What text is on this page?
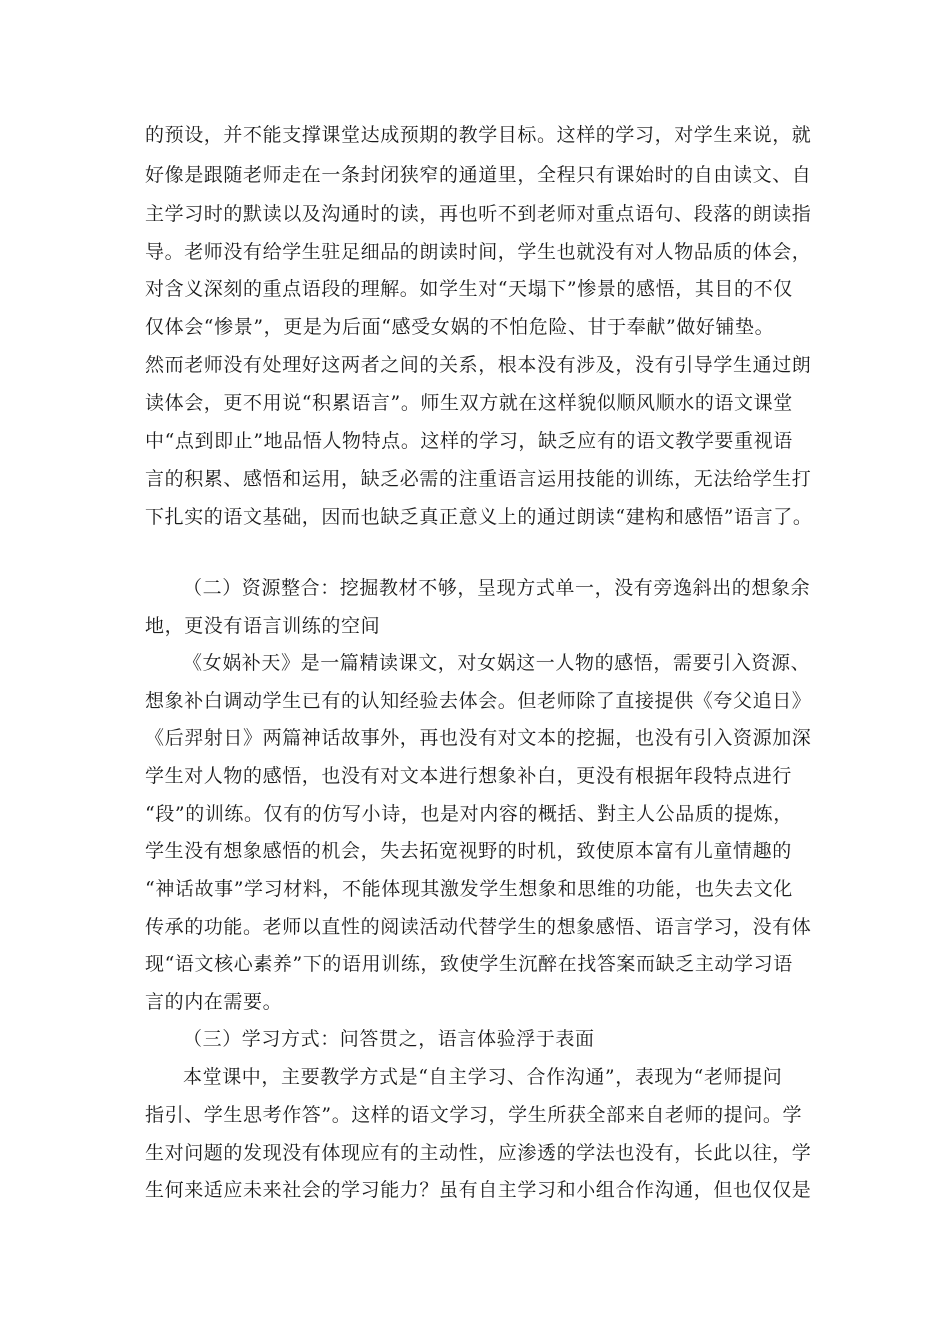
的预设，并不能支撑课堂达成预期的教学目标。这样的学习，对学生来说，就
好像是跟随老师走在一条封闭狭窄的通道里，全程只有课始时的自由读文、自
主学习时的默读以及沟通时的读，再也听不到老师对重点语句、段落的朗读指
导。老师没有给学生驻足细品的朗读时间，学生也就没有对人物品质的体会，
对含义深刻的重点语段的理解。如学生对“天塌下”惨景的感悟，其目的不仅
仅体会“惨景”，更是为后面“感受女娲的不怕危险、甘于奉献”做好铺垫。
然而老师没有处理好这两者之间的关系，根本没有涉及，没有引导学生通过朗
读体会，更不用说“积累语言”。师生双方就在这样貌似顺风顺水的语文课堂
中“点到即止”地品悟人物特点。这样的学习，缺乏应有的语文教学要重视语
言的积累、感悟和运用，缺乏必需的注重语言运用技能的训练，无法给学生打
下扎实的语文基础，因而也缺乏真正意义上的通过朗读“建构和感悟”语言了。
（二）资源整合：挖掘教材不够，呈现方式单一，没有旁逸斜出的想象余
地，更没有语言训练的空间
《女娲补天》是一篇精读课文，对女娲这一人物的感悟，需要引入资源、
想象补白调动学生已有的认知经验去体会。但老师除了直接提供《夸父追日》
《后羿射日》两篇神话故事外，再也没有对文本的挖掘，也没有引入资源加深
学生对人物的感悟，也没有对文本进行想象补白，更没有根据年段特点进行
“段”的训练。仅有的仿写小诗，也是对内容的概括、對主人公品质的提炼，
学生没有想象感悟的机会，失去拓宽视野的时机，致使原本富有儿童情趣的
“神话故事”学习材料，不能体现其激发学生想象和思维的功能，也失去文化
传承的功能。老师以直性的阅读活动代替学生的想象感悟、语言学习，没有体
现“语文核心素养”下的语用训练，致使学生沉醉在找答案而缺乏主动学习语
言的内在需要。
（三）学习方式：问答贯之，语言体验浮于表面
本堂课中，主要教学方式是“自主学习、合作沟通”，表现为“老师提问
指引、学生思考作答”。这样的语文学习，学生所获全部来自老师的提问。学
生对问题的发现没有体现应有的主动性，应渗透的学法也没有，长此以往，学
生何来适应未来社会的学习能力？虽有自主学习和小组合作沟通，但也仅仅是
